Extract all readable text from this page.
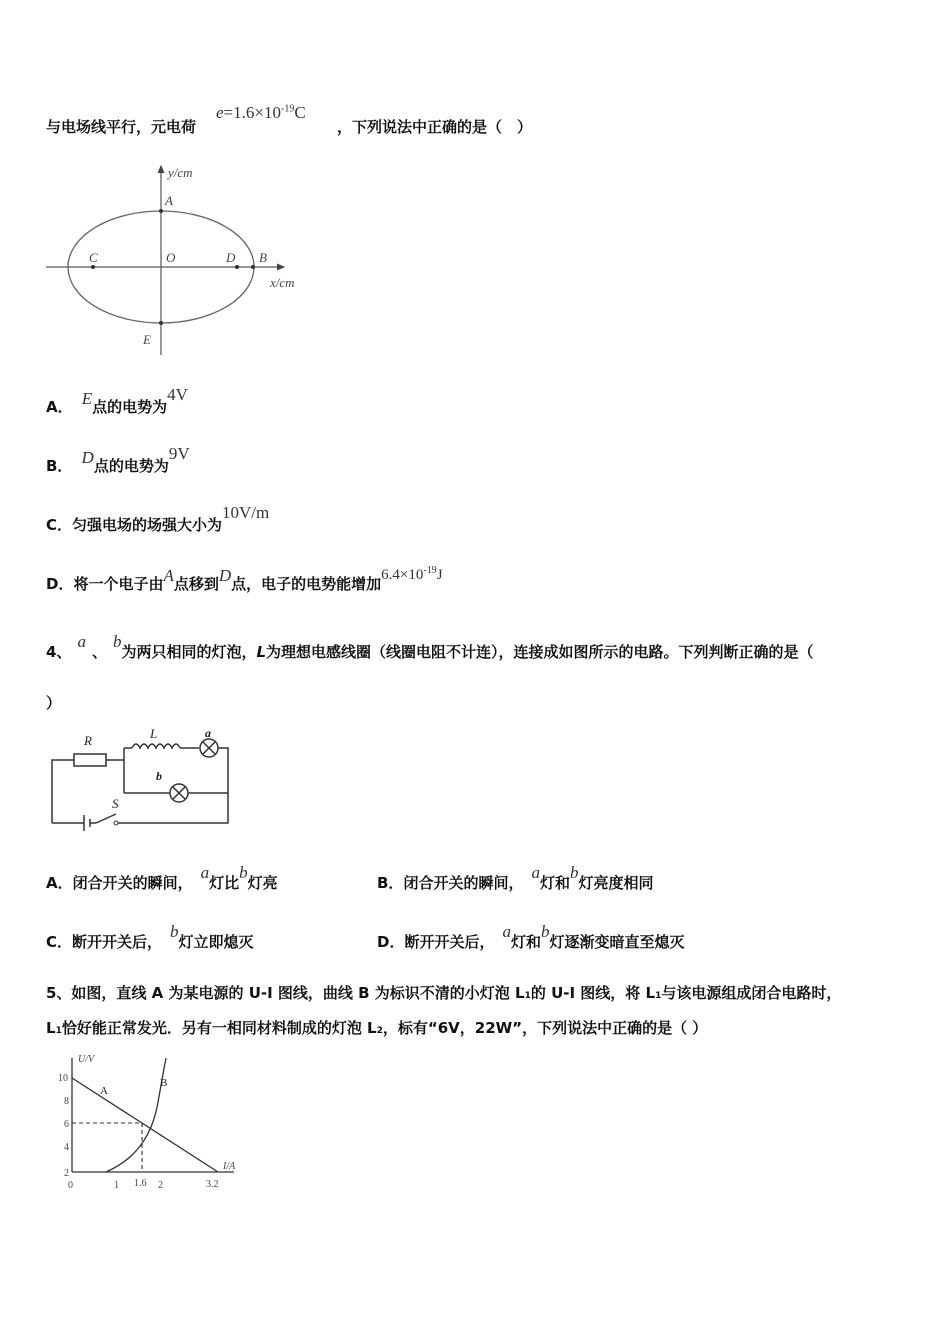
与电场线平行，元电荷
$e=1.6\times 10^{-19}C$
，下列说法中正确的是（　）
y/cm
x/cm
A
B
C	D
O
E
A． E点的电势为4V
B． D点的电势为9V
C．匀强电场的场强大小为10V/m
D．将一个电子由A点移到D点，电子的电势能增加$6.4\times 10^{-19}J$
4、a、b为两只相同的灯泡，L为理想电感线圈（线圈电阻不计连），连接成如图所示的电路。下列判断正确的是（
）
R	L	a
b
S
A．闭合开关的瞬间，a灯比b灯亮	B．闭合开关的瞬间，a灯和b灯亮度相同
C．断开开关后，b灯立即熄灭	D．断开开关后，a灯和b灯逐渐变暗直至熄灭
5、如图，直线 A 为某电源的 U-I 图线，曲线 B 为标识不清的小灯泡 L1的 U-I 图线，将 L1与该电源组成闭合电路时，
L1恰好能正常发光．另有一相同材料制成的灯泡 L2，标有“6V，22W”，下列说法中正确的是（ ）
U/V
I/A
A
B
10
8
6
4
2
0	1 1.6 2	3.2
